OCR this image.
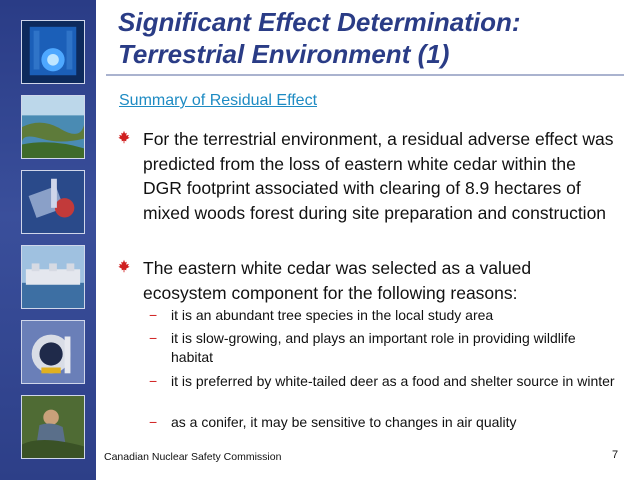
Significant Effect Determination:
Terrestrial Environment (1)
Summary of Residual Effect

For the terrestrial environment, a residual adverse effect was predicted from the loss of eastern white cedar within the DGR footprint associated with clearing of 8.9 hectares of mixed woods forest during site preparation and construction

The eastern white cedar was selected as a valued ecosystem component for the following reasons:

− it is an abundant tree species in the local study area

− it is slow-growing, and plays an important role in providing wildlife habitat

− it is preferred by white-tailed deer as a food and shelter source in winter

− as a conifer, it may be sensitive to changes in air quality

Canadian Nuclear Safety Commission	7
